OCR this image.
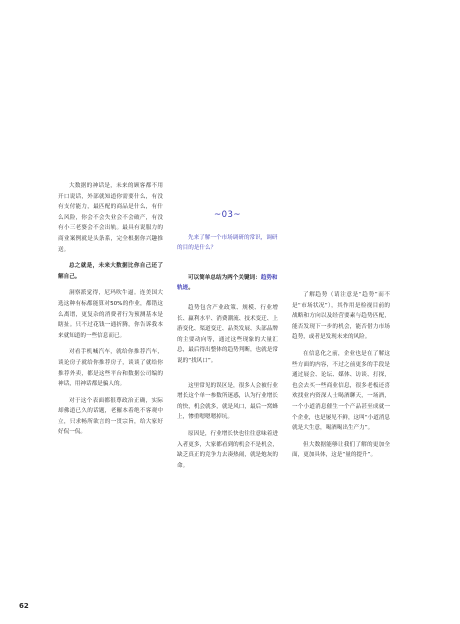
大数据的神话是，未来的顾客都不用开口说话，外部就知道你需要什么，有没有支付能力，最匹配的商品是什么，有什么风险，你会不会失业会不会破产，有没有小三老婆会不会出轨。最具有说服力的商业案例就是头条系，完全根据你兴趣推送。

总之就是，未来大数据比你自己还了解自己。

洞察派觉得，尼玛吹牛逼。连美国大选这种有标都能算对50%的作业，都错这么离谱，更复杂的消费者行为预测基本是瞎扯。只不过花钱一通折腾，你告诉我本来就知道的一些信息而已。

对看手机喊汽车，就给你推荐汽车，谈论房子就给你推荐房子，谈谈了就给你推荐外卖，都是这些平台和数据公司编的神话，用神话都是骗人的。

对于这个表面都很尊政治正确，实际却佛道已久的话题，老羅本着绝不客观中立，只求畅所欲言的一贯宗旨，给大家好好侃一侃。

~03~
先来了解一个市场调研的常识，调研的目的是什么？
可以简单总结为两个关键词：趋势和轨迹。

趋势包含产业政策、规模、行业增长、赢利水平、消费潮流、技术变迁、上游变化、渠道变迁、品类发展、头部品牌的主要动向等，通过这些现象的大量汇总，最后得出整体的趋势判断，也就是常说的“找风口”。

这里常见的误区是，很多人会被行业增长这个单一参数所迷惑，认为行业增长的快，机会就多，就是风口，最后一窝蜂上，惨重嗯嗯嗯掉坑。

原因是，行业增长快也往往意味着进入者更多，大家都看到的机会不是机会，缺乏真正的竞争力去凑热闹，就是炮灰的命。

了解趋势（请注意是“趋势”而不是“市场状况”），其作用是检视目前的战略和方向以及经营要素与趋势匹配，能否发现下一步的机会，能否借力市场趋势，或者是发现未来的风险。

在信息化之前，企业也是在了解这些方面的内容，不过之前更多的手段是通过展会、论坛、媒体、访谈、打探，也会去买一些商业信息，很多老板还喜欢找业内资深人士喝酒聊天，一场酒，一个小道消息催生一个产品甚至成就一个企业，也是屡见不鲜，这叫“小道消息就是大生意，喝酒喝出生产力”。

但大数据能够让我们了解的更加全面，更加具体，这是“量的提升”。

62
